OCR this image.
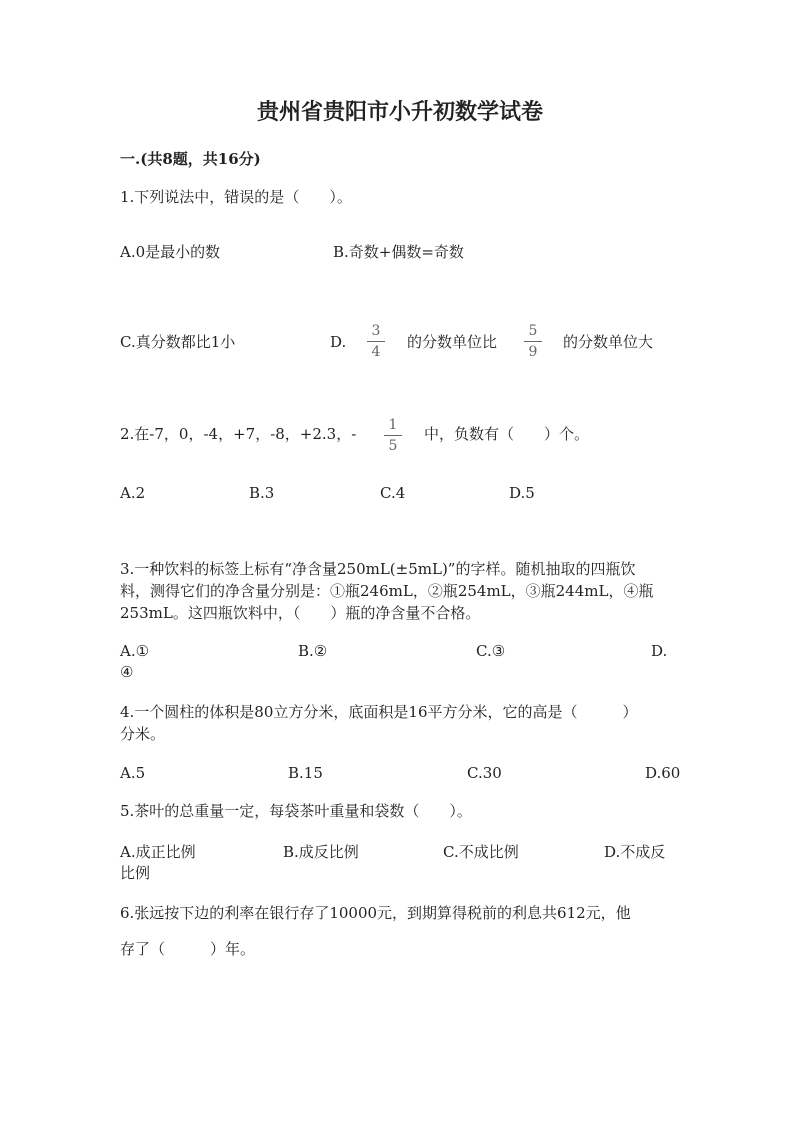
贵州省贵阳市小升初数学试卷
一.(共8题，共16分)
1.下列说法中，错误的是（　　）。
A.0是最小的数	B.奇数+偶数=奇数
C.真分数都比1小	D.
3
4
的分数单位比
5
9
的分数单位大
2.在-7，0，-4，+7，-8，+2.3，-	1
5
中，负数有（　　）个。
A.2	B.3	C.4	D.5
3.一种饮料的标签上标有“净含量250mL(±5mL)”的字样。随机抽取的四瓶饮
料，测得它们的净含量分别是：①瓶246mL，②瓶254mL，③瓶244mL，④瓶
253mL。这四瓶饮料中，（　　）瓶的净含量不合格。
A.①	B.②	C.③	D.
④
4.一个圆柱的体积是80立方分米，底面积是16平方分米，它的高是（　　　）
分米。
A.5	B.15	C.30	D.60
5.茶叶的总重量一定，每袋茶叶重量和袋数（　　）。
A.成正比例	B.成反比例	C.不成比例	D.不成反
比例
6.张远按下边的利率在银行存了10000元，到期算得税前的利息共612元，他
存了（　　　）年。
